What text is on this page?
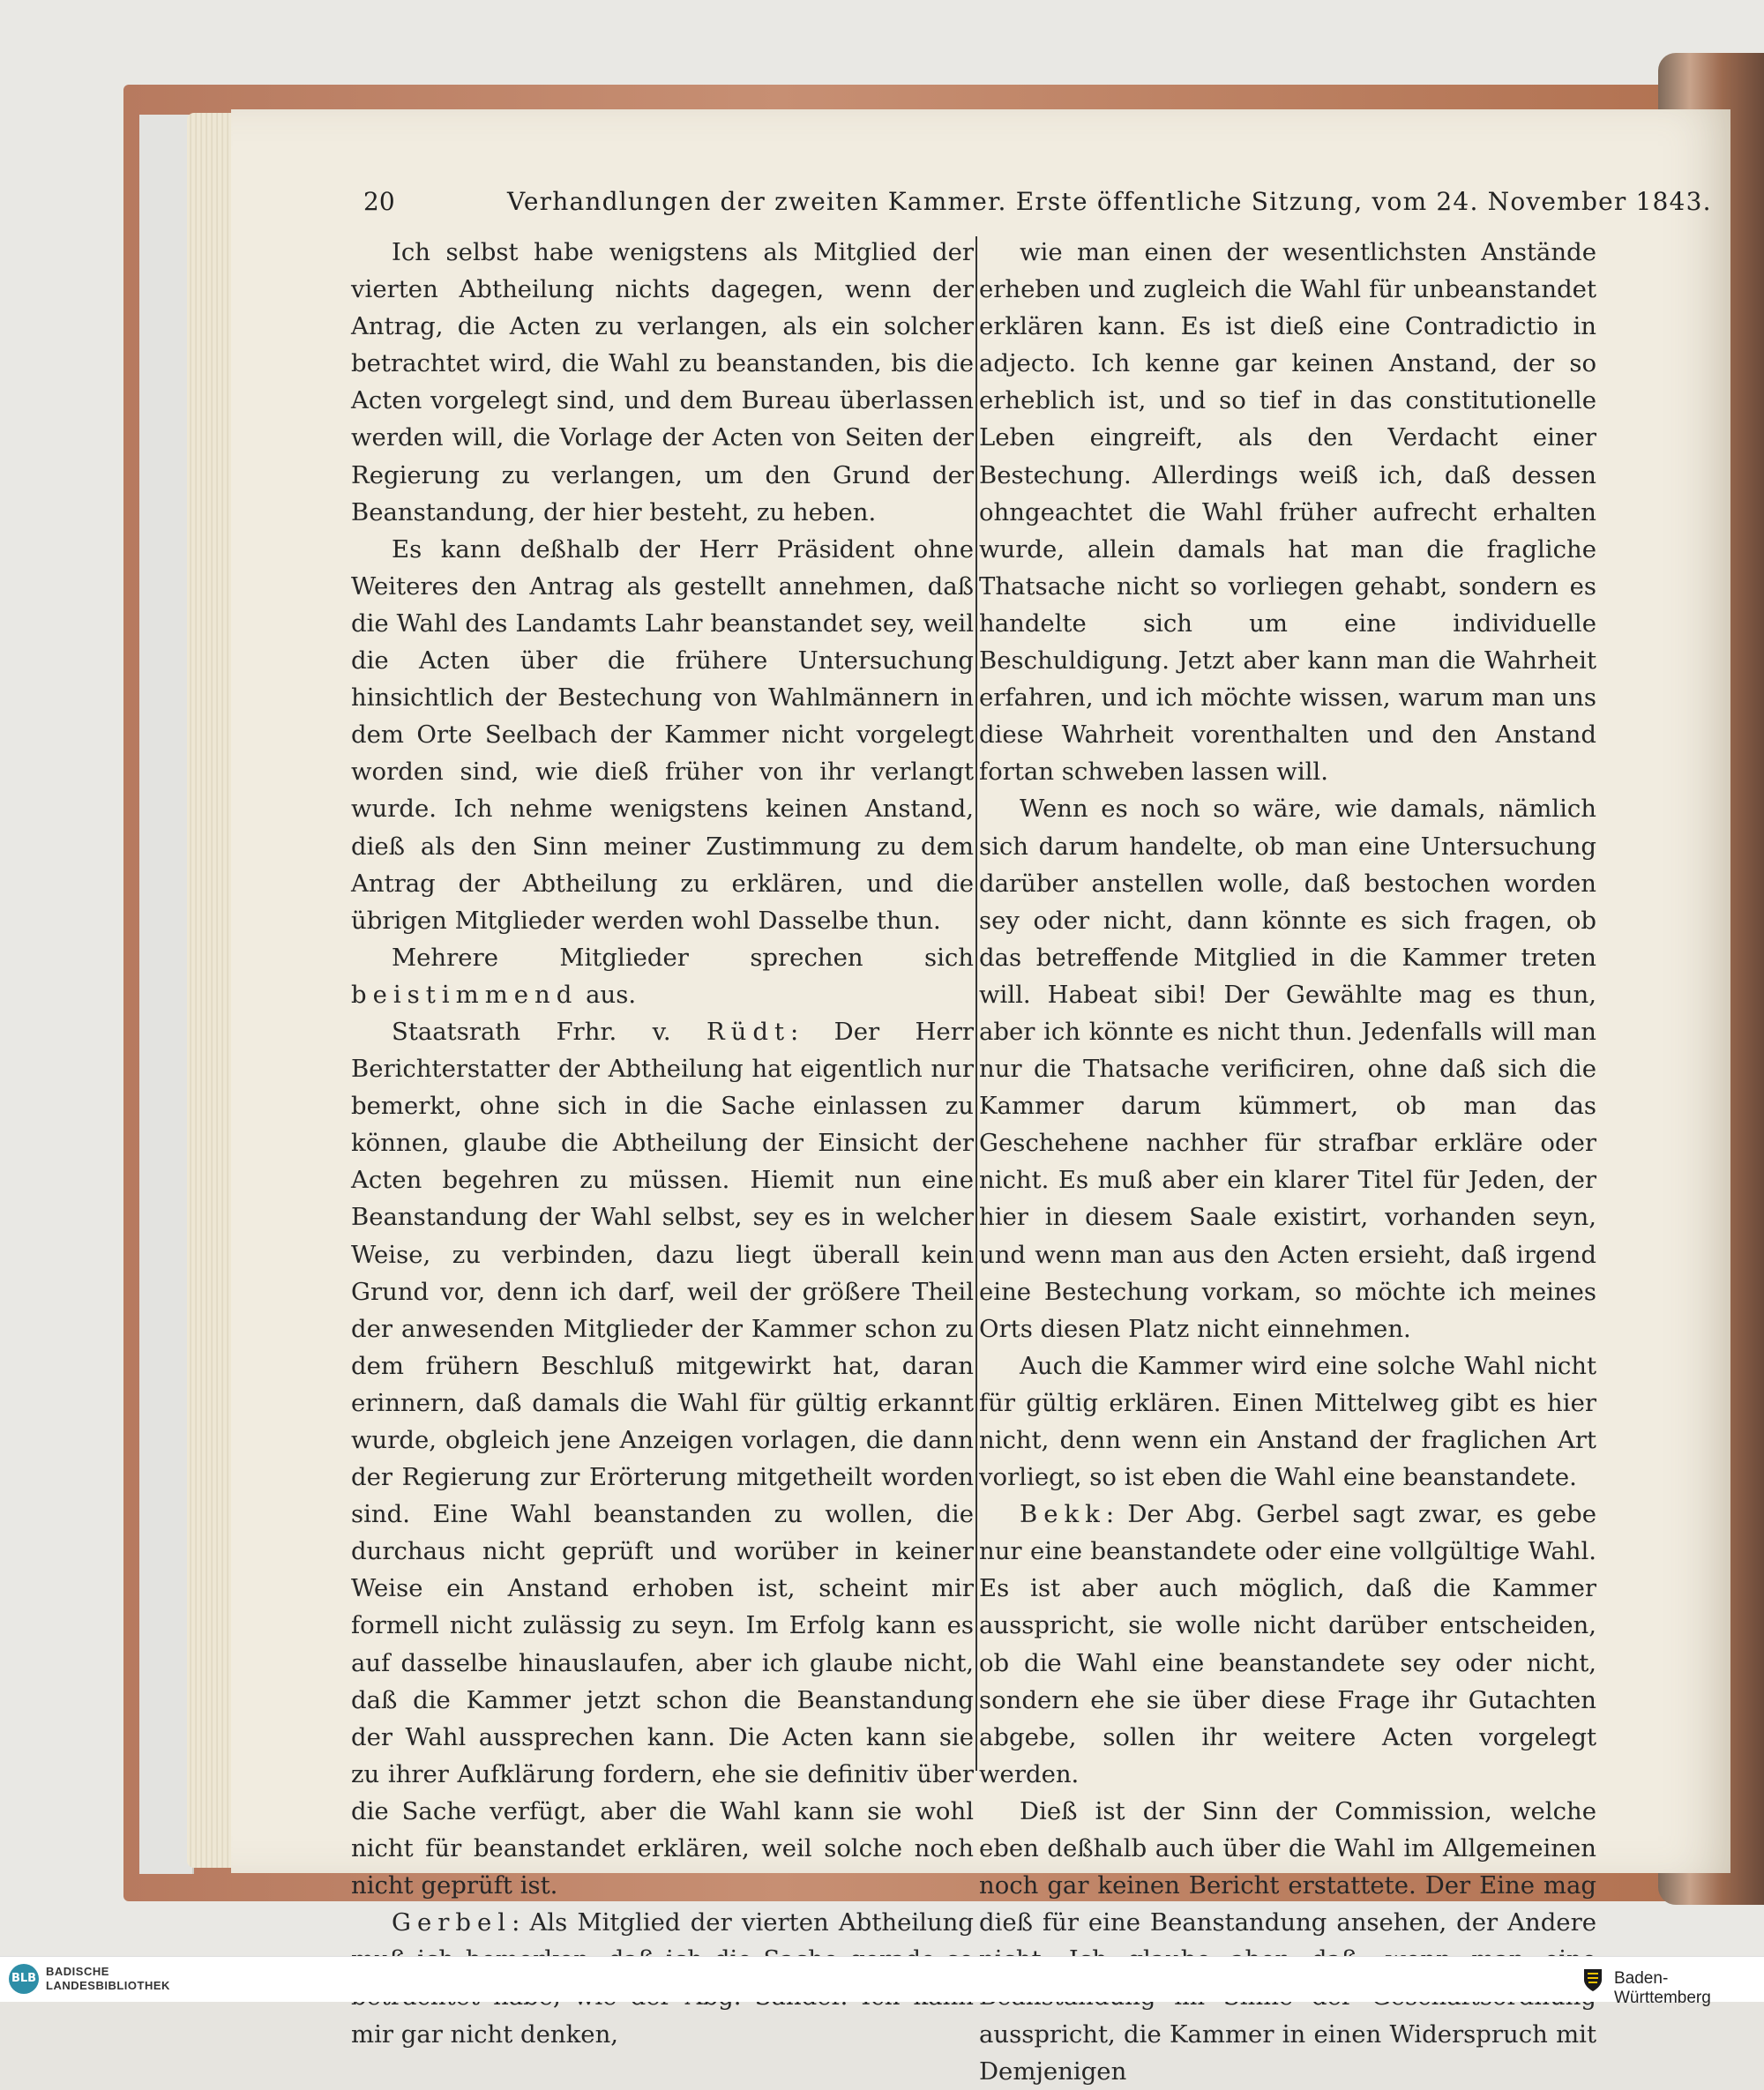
20	Verhandlungen der zweiten Kammer. Erste öffentliche Sitzung, vom 24. November 1843.

Ich selbst habe wenigstens als Mitglied der vierten Abtheilung nichts dagegen, wenn der Antrag, die Acten zu verlangen, als ein solcher betrachtet wird, die Wahl zu beanstanden, bis die Acten vorgelegt sind, und dem Bureau überlassen werden will, die Vorlage der Acten von Seiten der Regierung zu verlangen, um den Grund der Beanstandung, der hier besteht, zu heben.

Es kann deßhalb der Herr Präsident ohne Weiteres den Antrag als gestellt annehmen, daß die Wahl des Landamts Lahr beanstandet sey, weil die Acten über die frühere Untersuchung hinsichtlich der Bestechung von Wahlmännern in dem Orte Seelbach der Kammer nicht vorgelegt worden sind, wie dieß früher von ihr verlangt wurde. Ich nehme wenigstens keinen Anstand, dieß als den Sinn meiner Zustimmung zu dem Antrag der Abtheilung zu erklären, und die übrigen Mitglieder werden wohl Dasselbe thun.

Mehrere Mitglieder sprechen sich beistimmend aus.

Staatsrath Frhr. v. Rüdt: Der Herr Berichterstatter der Abtheilung hat eigentlich nur bemerkt, ohne sich in die Sache einlassen zu können, glaube die Abtheilung der Einsicht der Acten begehren zu müssen. Hiemit nun eine Beanstandung der Wahl selbst, sey es in welcher Weise, zu verbinden, dazu liegt überall kein Grund vor, denn ich darf, weil der größere Theil der anwesenden Mitglieder der Kammer schon zu dem frühern Beschluß mitgewirkt hat, daran erinnern, daß damals die Wahl für gültig erkannt wurde, obgleich jene Anzeigen vorlagen, die dann der Regierung zur Erörterung mitgetheilt worden sind. Eine Wahl beanstanden zu wollen, die durchaus nicht geprüft und worüber in keiner Weise ein Anstand erhoben ist, scheint mir formell nicht zulässig zu seyn. Im Erfolg kann es auf dasselbe hinauslaufen, aber ich glaube nicht, daß die Kammer jetzt schon die Beanstandung der Wahl aussprechen kann. Die Acten kann sie zu ihrer Aufklärung fordern, ehe sie definitiv über die Sache verfügt, aber die Wahl kann sie wohl nicht für beanstandet erklären, weil solche noch nicht geprüft ist.

Gerbel: Als Mitglied der vierten Abtheilung mir gar nicht denken,

wie man einen der wesentlichsten Anstände erheben und zugleich die Wahl für unbeanstandet erklären kann. Es ist dieß eine Contradictio in adjecto. Ich kenne gar keinen Anstand, der so erheblich ist, und so tief in das constitutionelle Leben eingreift, als den Verdacht einer Bestechung. Allerdings weiß ich, daß dessen ohngeachtet die Wahl früher aufrecht erhalten wurde, allein damals hat man die fragliche Thatsache nicht so vorliegen gehabt, sondern es handelte sich um eine individuelle Beschuldigung. Jetzt aber kann man die Wahrheit erfahren, und ich möchte wissen, warum man uns diese Wahrheit vorenthalten und den Anstand fortan schweben lassen will.

Wenn es noch so wäre, wie damals, nämlich sich darum handelte, ob man eine Untersuchung darüber anstellen wolle, daß bestochen worden sey oder nicht, dann könnte es sich fragen, ob das betreffende Mitglied in die Kammer treten will. Habeat sibi! Der Gewählte mag es thun, aber ich könnte es nicht thun. Jedenfalls will man nur die Thatsache verificiren, ohne daß sich die Kammer darum kümmert, ob man das Geschehene nachher für strafbar erkläre oder nicht. Es muß aber ein klarer Titel für Jeden, der hier in diesem Saale existirt, vorhanden seyn, und wenn man aus den Acten ersieht, daß irgend eine Bestechung vorkam, so möchte ich meines Orts diesen Platz nicht einnehmen.

Auch die Kammer wird eine solche Wahl nicht für gültig erklären. Einen Mittelweg gibt es hier nicht, denn wenn ein Anstand der fraglichen Art vorliegt, so ist eben die Wahl eine beanstandete.

Bekk: Der Abg. Gerbel sagt zwar, es gebe nur eine beanstandete oder eine vollgültige Wahl. Es ist aber auch möglich, daß die Kammer ausspricht, sie wolle nicht darüber entscheiden, ob die Wahl eine beanstandete sey oder nicht, sondern ehe sie über diese Frage ihr Gutachten abgebe, sollen ihr weitere Acten vorgelegt werden.

Dieß ist der Sinn der Commission, welche eben deßhalb auch über die Wahl im Allgemeinen noch gar keinen Bericht erstattete. Der Eine mag dieß für eine Beanstandung ansehen, der Andere ausspricht, die Kammer in einen Widerspruch mit Demjenigen

BLB
BADISCHE
LANDESBIBLIOTHEK	Baden-Württemberg
